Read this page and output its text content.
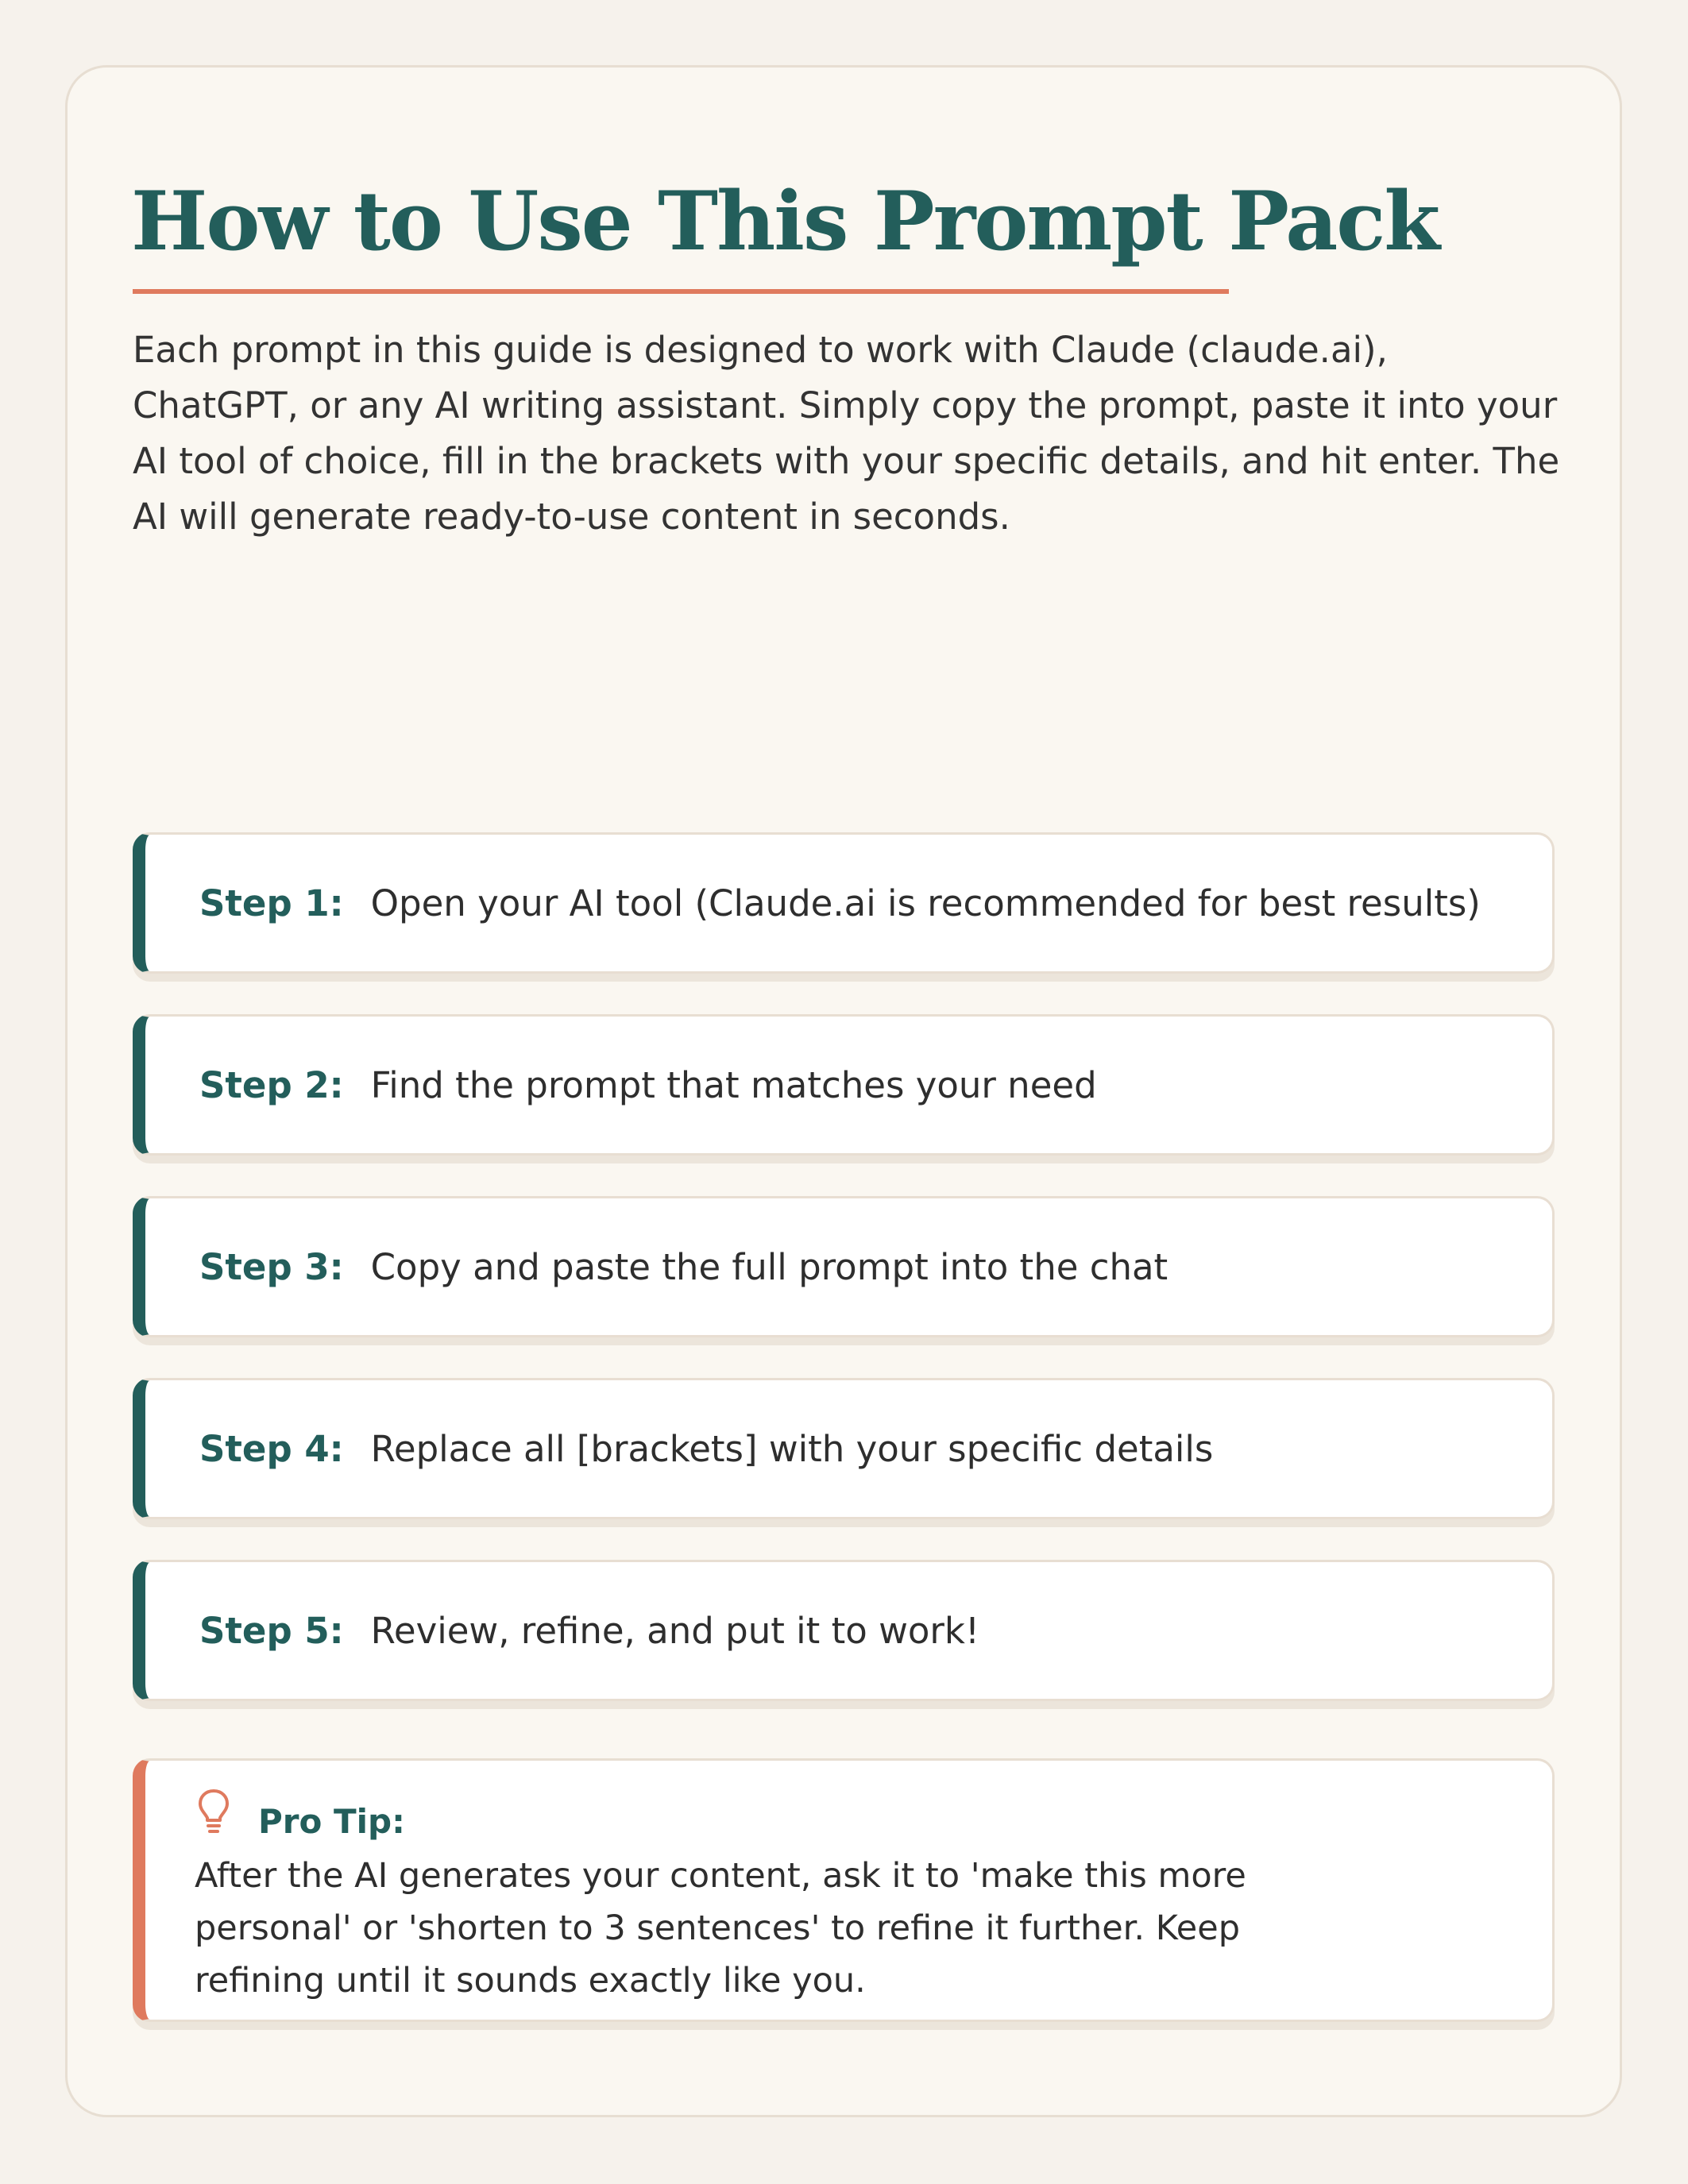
How to Use This Prompt Pack

Each prompt in this guide is designed to work with Claude (claude.ai), ChatGPT, or any AI writing assistant. Simply copy the prompt, paste it into your AI tool of choice, fill in the brackets with your specific details, and hit enter. The AI will generate ready-to-use content in seconds.

Step 1: Open your AI tool (Claude.ai is recommended for best results)
Step 2: Find the prompt that matches your need
Step 3: Copy and paste the full prompt into the chat
Step 4: Replace all [brackets] with your specific details
Step 5: Review, refine, and put it to work!
Pro Tip:

After the AI generates your content, ask it to 'make this more personal' or 'shorten to 3 sentences' to refine it further. Keep refining until it sounds exactly like you.
